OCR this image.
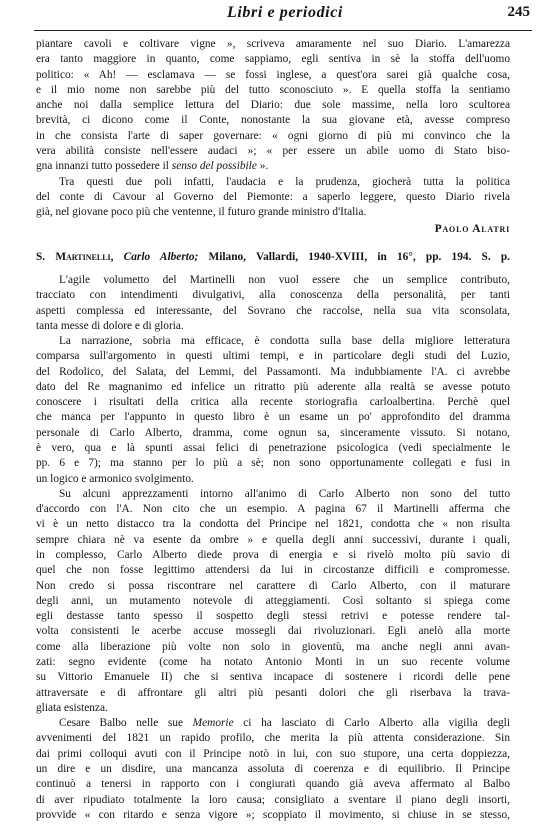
Libri e periodici	245
piantare cavoli e coltivare vigne », scriveva amaramente nel suo Diario. L'amarezza
era tanto maggiore in quanto, come sappiamo, egli sentiva in sè la stoffa dell'uomo
politico: « Ah! — esclamava — se fossi inglese, a quest'ora sarei già qualche cosa,
e il mio nome non sarebbe più del tutto sconosciuto ». E quella stoffa la sentiamo
anche noi dalla semplice lettura del Diario: due sole massime, nella loro scultorea
brevità, ci dicono come il Conte, nonostante la sua giovane età, avesse compreso
in che consista l'arte di saper governare: « ogni giorno di più mi convinco che la
vera abilità consiste nell'essere audaci »; « per essere un abile uomo di Stato biso-
gna innanzi tutto possedere il senso del possibile ».
Tra questi due poli infatti, l'audacia e la prudenza, giocherà tutta la politica
del conte di Cavour al Governo del Piemonte: a saperlo leggere, questo Diario rivela
già, nel giovane poco più che ventenne, il futuro grande ministro d'Italia.
Paolo Alatri
S. Martinelli, Carlo Alberto; Milano, Vallardi, 1940-XVIII, in 16°, pp. 194. S. p.
L'agile volumetto del Martinelli non vuol essere che un semplice contributo,
tracciato con intendimenti divulgativi, alla conoscenza della personalità, per tanti
aspetti complessa ed interessante, del Sovrano che raccolse, nella sua vita sconsolata,
tanta messe di dolore e di gloria.
La narrazione, sobria ma efficace, è condotta sulla base della migliore letteratura
comparsa sull'argomento in questi ultimi tempi, e in particolare degli studi del Luzio,
del Rodolico, del Salata, del Lemmi, del Passamonti. Ma indubbiamente l'A. ci avrebbe
dato del Re magnanimo ed infelice un ritratto più aderente alla realtà se avesse potuto
conoscere i risultati della critica alla recente storiografia carloalbertina. Perchè quel
che manca per l'appunto in questo libro è un esame un po' approfondito del dramma
personale di Carlo Alberto, dramma, come ognun sa, sinceramente vissuto. Si notano,
è vero, qua e là spunti assai felici di penetrazione psicologica (vedi specialmente le
pp. 6 e 7); ma stanno per lo più a sè; non sono opportunamente collegati e fusi in
un logico e armonico svolgimento.
Su alcuni apprezzamenti intorno all'animo di Carlo Alberto non sono del tutto
d'accordo con l'A. Non cito che un esempio. A pagina 67 il Martinelli afferma che
vi è un netto distacco tra la condotta del Principe nel 1821, condotta che « non risulta
sempre chiara nè va esente da ombre » e quella degli anni successivi, durante i quali,
in complesso, Carlo Alberto diede prova di energia e si rivelò molto più savio di
quel che non fosse legittimo attendersi da lui in circostanze difficili e compromesse.
Non credo si possa riscontrare nel carattere di Carlo Alberto, con il maturare
degli anni, un mutamento notevole di atteggiamenti. Così soltanto si spiega come
egli destasse tanto spesso il sospetto degli stessi retrivi e potesse rendere tal-
volta consistenti le acerbe accuse mossegli dai rivoluzionari. Egli anelò alla morte
come alla liberazione più volte non solo in gioventù, ma anche negli anni avan-
zati: segno evidente (come ha notato Antonio Monti in un suo recente volume
su Vittorio Emanuele II) che si sentiva incapace di sostenere i ricordi delle pene
attraversate e di affrontare gli altri più pesanti dolori che gli riserbava la trava-
gliata esistenza.
Cesare Balbo nelle sue Memorie ci ha lasciato di Carlo Alberto alla vigilia degli
avvenimenti del 1821 un rapido profilo, che merita la più attenta considerazione. Sin
dai primi colloqui avuti con il Principe notò in lui, con suo stupore, una certa doppiezza,
un dire e un disdire, una mancanza assoluta di coerenza e di equilibrio. Il Principe
continuò a tenersi in rapporto con i congiurati quando già aveva affermato al Balbo
di aver ripudiato totalmente la loro causa; consigliato a sventare il piano degli insorti,
provvide « con ritardo e senza vigore »; scoppiato il movimento, si chiuse in se stesso,
